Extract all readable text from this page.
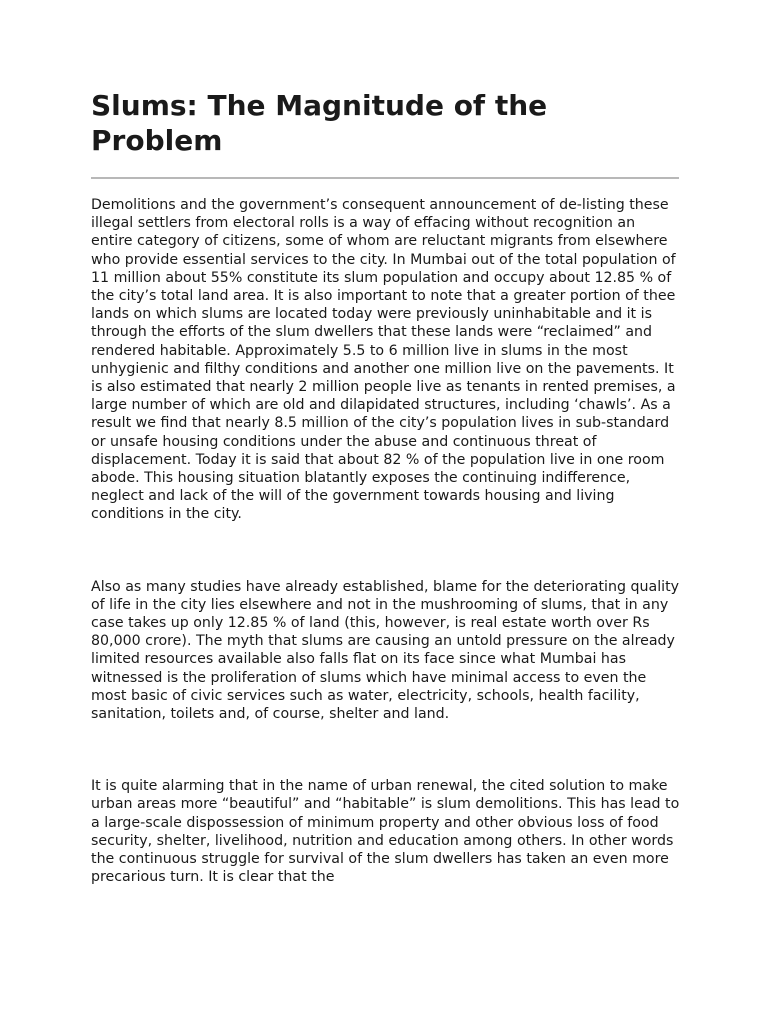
Slums: The Magnitude of the Problem

Demolitions and the government’s consequent announcement of de-listing these illegal settlers from electoral rolls is a way of effacing without recognition an entire category of citizens, some of whom are reluctant migrants from elsewhere who provide essential services to the city. In Mumbai out of the total population of 11 million about 55% constitute its slum population and occupy about 12.85 % of the city’s total land area. It is also important to note that a greater portion of thee lands on which slums are located today were previously uninhabitable and it is through the efforts of the slum dwellers that these lands were “reclaimed” and rendered habitable. Approximately 5.5 to 6 million live in slums in the most unhygienic and filthy conditions and another one million live on the pavements. It is also estimated that nearly 2 million people live as tenants in rented premises, a large number of which are old and dilapidated structures, including ‘chawls’. As a result we find that nearly 8.5 million of the city’s population lives in sub-standard or unsafe housing conditions under the abuse and continuous threat of displacement. Today it is said that about 82 % of the population live in one room abode. This housing situation blatantly exposes the continuing indifference, neglect and lack of the will of the government towards housing and living conditions in the city.

Also as many studies have already established, blame for the deteriorating quality of life in the city lies elsewhere and not in the mushrooming of slums, that in any case takes up only 12.85 % of land (this, however, is real estate worth over Rs 80,000 crore). The myth that slums are causing an untold pressure on the already limited resources available also falls flat on its face since what Mumbai has witnessed is the proliferation of slums which have minimal access to even the most basic of civic services such as water, electricity, schools, health facility, sanitation, toilets and, of course, shelter and land.

It is quite alarming that in the name of urban renewal, the cited solution to make urban areas more “beautiful” and “habitable” is slum demolitions. This has lead to a large-scale dispossession of minimum property and other obvious loss of food security, shelter, livelihood, nutrition and education among others. In other words the continuous struggle for survival of the slum dwellers has taken an even more precarious turn. It is clear that the
